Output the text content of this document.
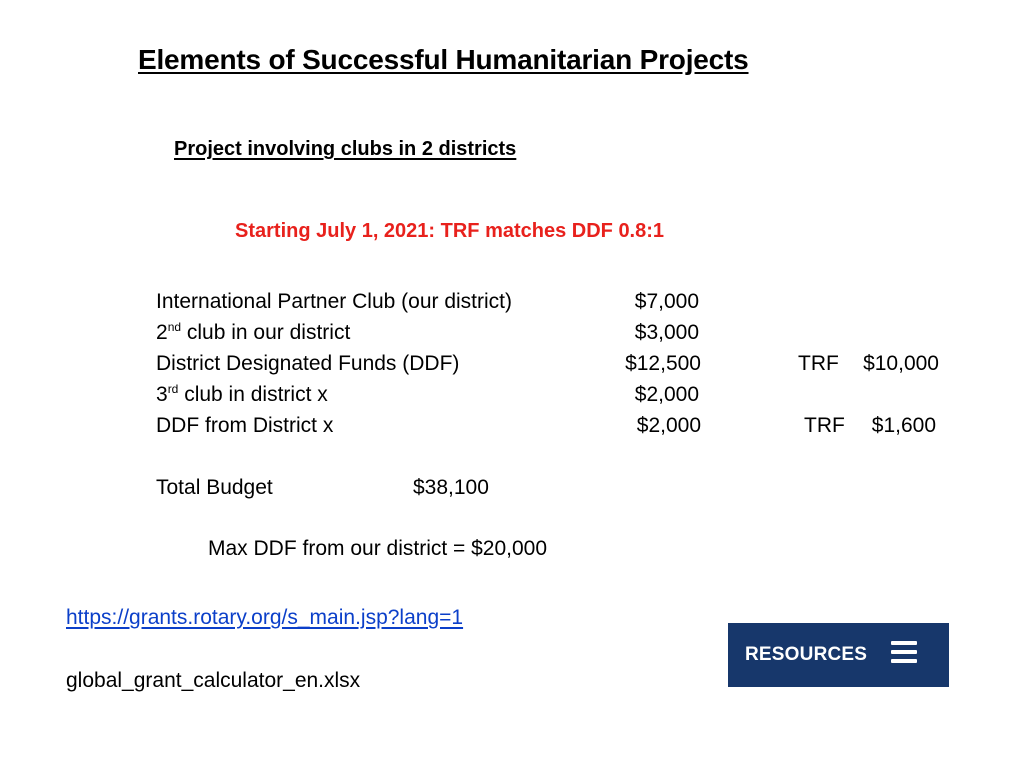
Elements of Successful Humanitarian Projects
Project involving clubs in 2 districts
Starting July 1, 2021: TRF matches DDF 0.8:1
International Partner Club (our district)	$7,000
2nd club in our district	$3,000
District Designated Funds (DDF)	$12,500	TRF $10,000
3rd club in district x	$2,000
DDF from District x	$2,000	TRF $1,600
Total Budget	$38,100
Max DDF from our district = $20,000
https://grants.rotary.org/s_main.jsp?lang=1
global_grant_calculator_en.xlsx
RESOURCES
